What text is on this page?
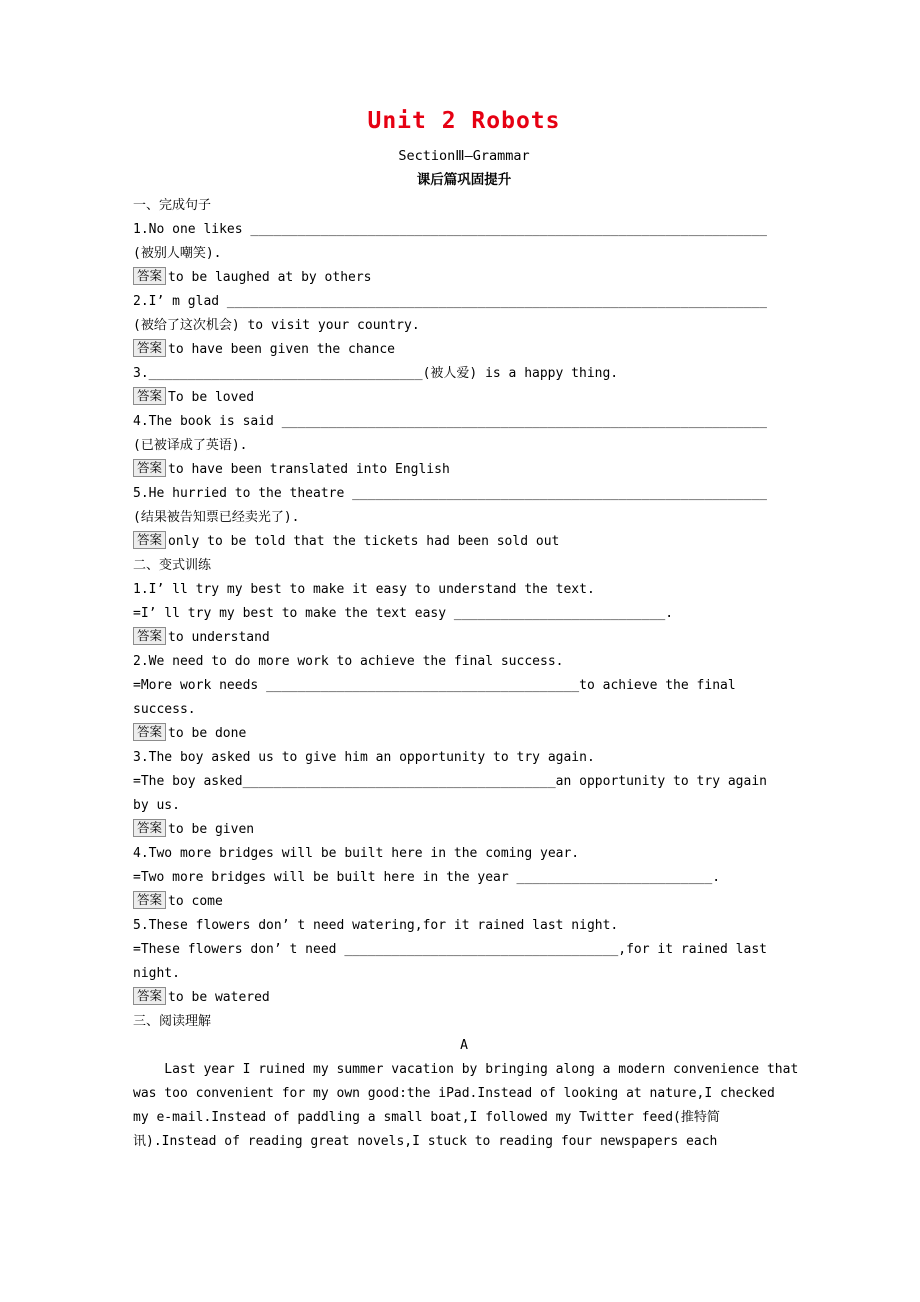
Unit 2 Robots
SectionⅢ—Grammar
课后篇巩固提升
一、完成句子
1.No one likes __________________________________________________________________
(被别人嘲笑).
答案 to be laughed at by others
2.I’ m glad _____________________________________________________________________
(被给了这次机会) to visit your country.
答案 to have been given the chance
3.___________________________________(被人爱) is a happy thing.
答案 To be loved
4.The book is said ______________________________________________________________
(已被译成了英语).
答案 to have been translated into English
5.He hurried to the theatre _____________________________________________________
(结果被告知票已经卖光了).
答案 only to be told that the tickets had been sold out
二、变式训练
1.I’ ll try my best to make it easy to understand the text.
=I’ ll try my best to make the text easy ___________________________.
答案 to understand
2.We need to do more work to achieve the final success.
=More work needs ________________________________________to achieve the final
success.
答案 to be done
3.The boy asked us to give him an opportunity to try again.
=The boy asked________________________________________an opportunity to try again
by us.
答案 to be given
4.Two more bridges will be built here in the coming year.
=Two more bridges will be built here in the year _________________________.
答案 to come
5.These flowers don’ t need watering,for it rained last night.
=These flowers don’ t need ___________________________________,for it rained last
night.
答案 to be watered
三、阅读理解
A
Last year I ruined my summer vacation by bringing along a modern convenience that
was too convenient for my own good:the iPad.Instead of looking at nature,I checked
my e-mail.Instead of paddling a small boat,I followed my Twitter feed(推特简
讯).Instead of reading great novels,I stuck to reading four newspapers each
